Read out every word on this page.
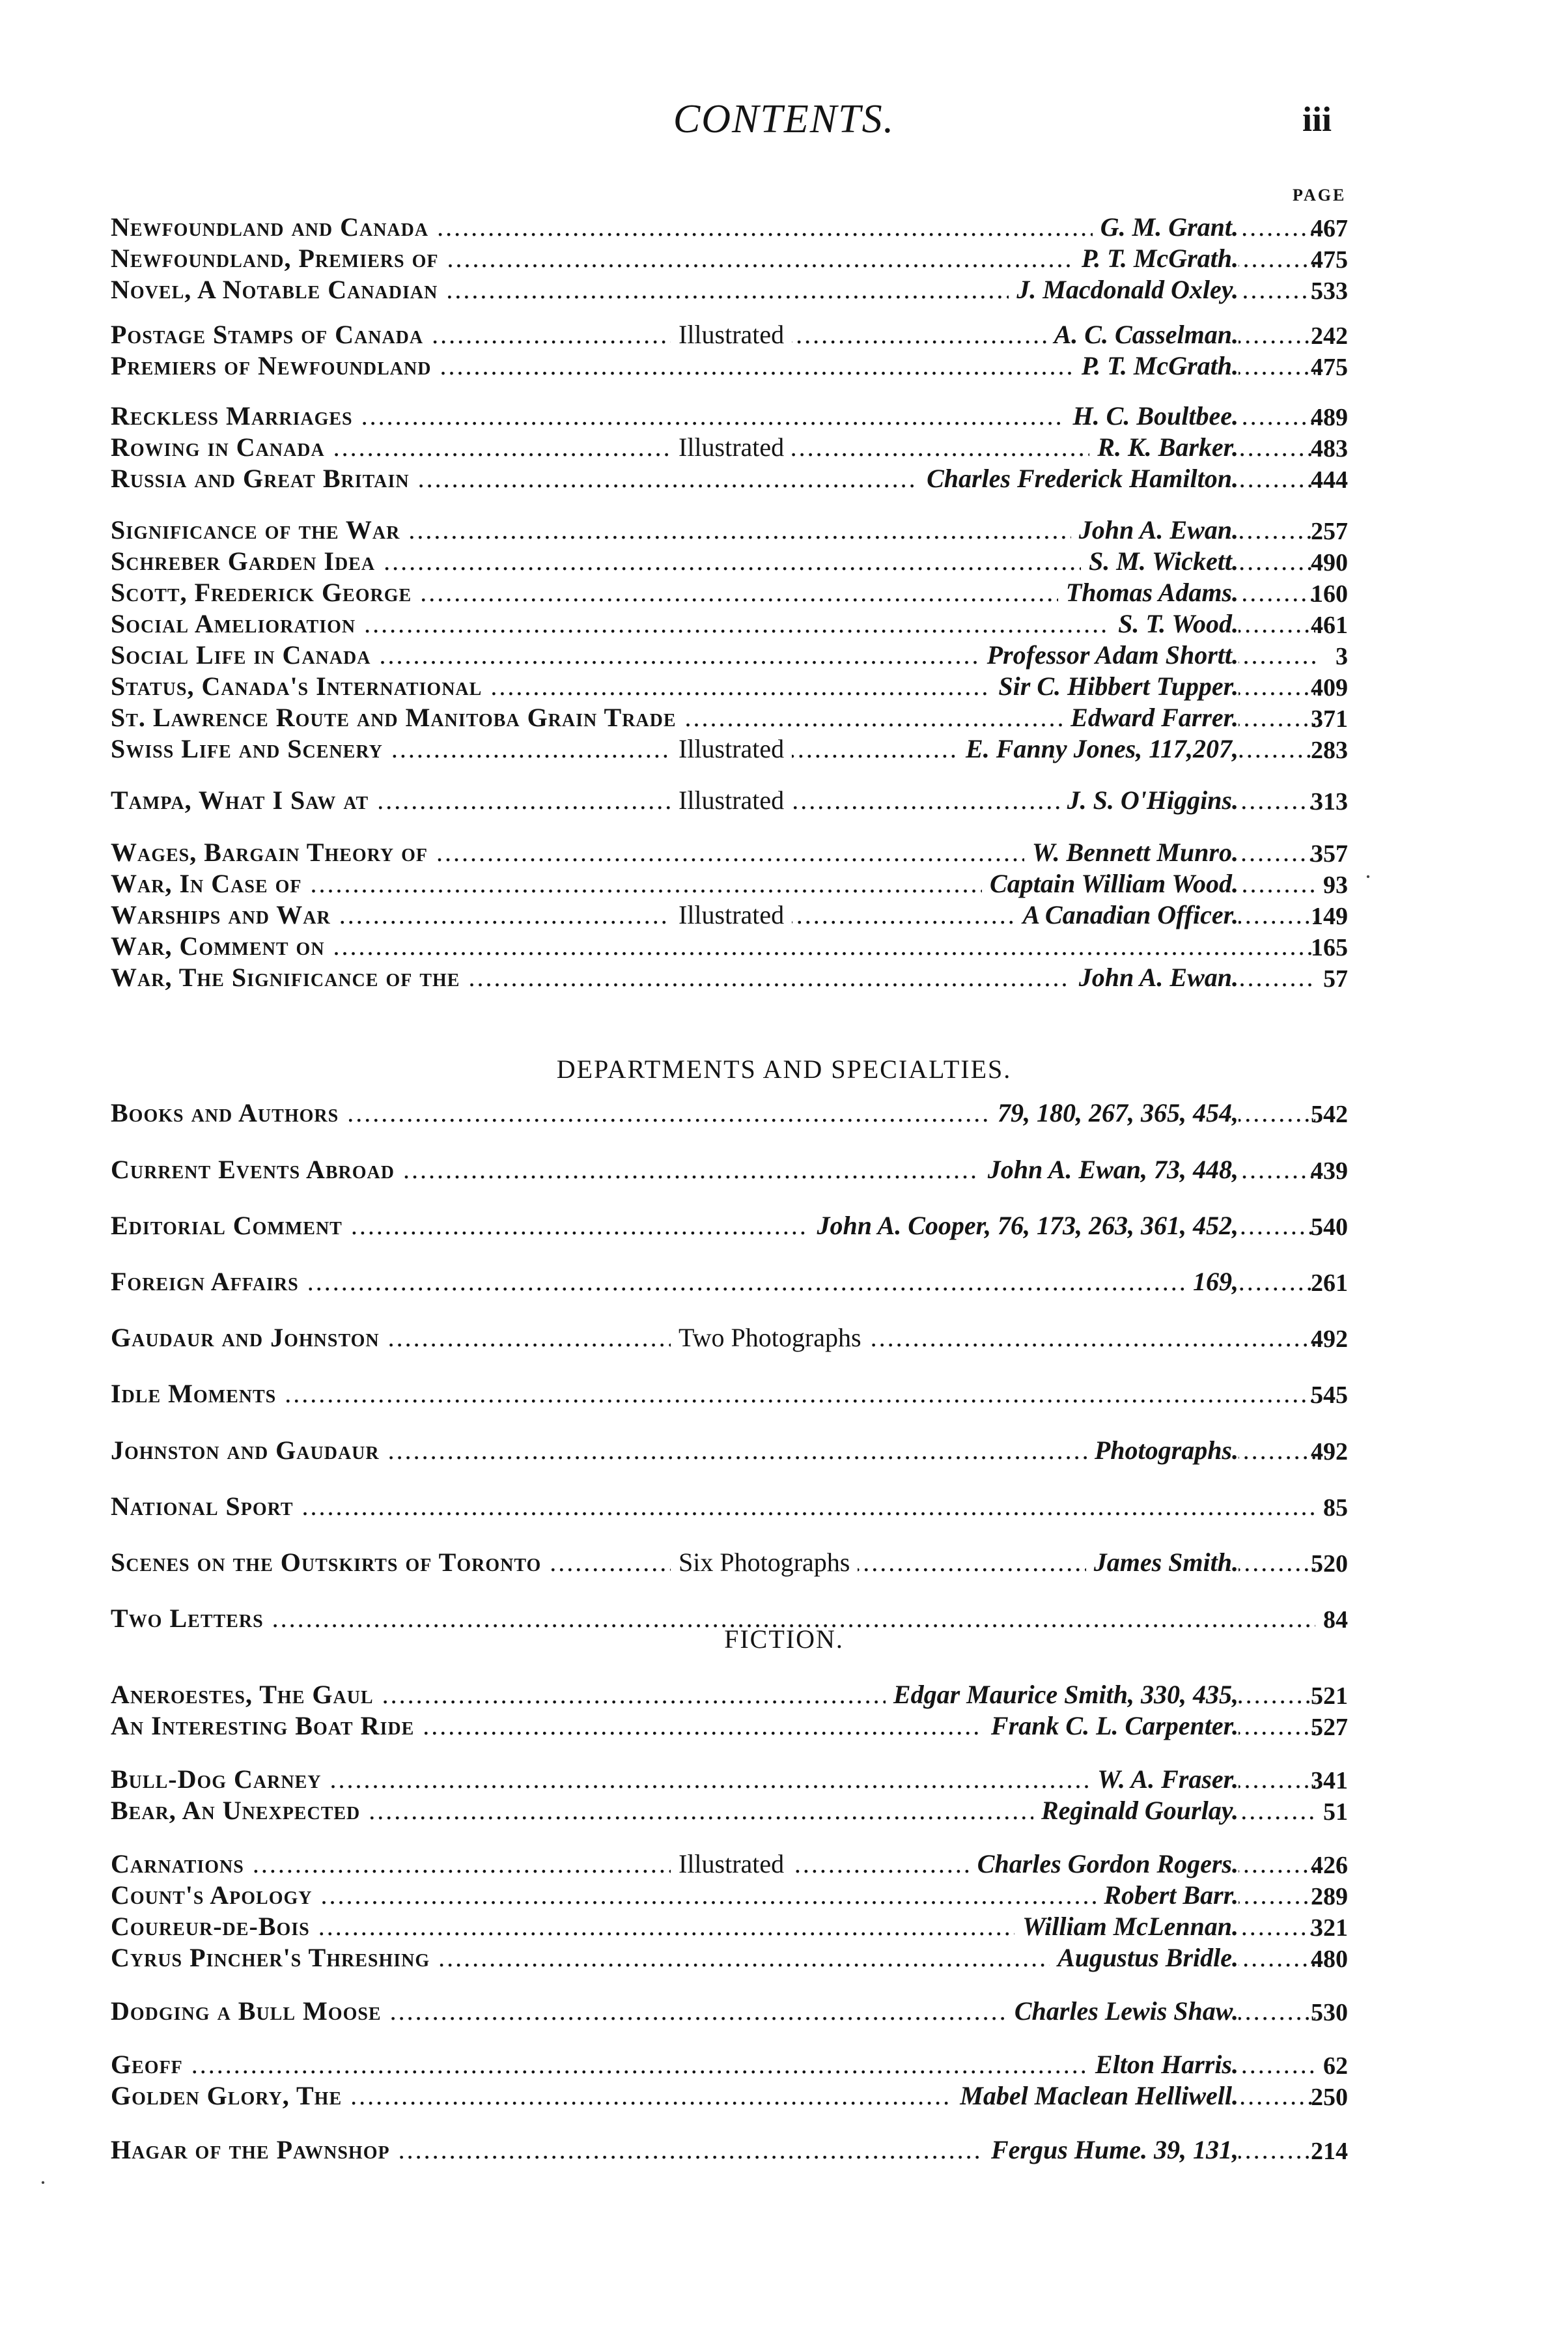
CONTENTS.	iii
PAGE
DEPARTMENTS AND SPECIALTIES.
FICTION.
·
·
Newfoundland and Canada .....	G. M. Grant.	467
Newfoundland, Premiers of .....	P. T. McGrath.	475
Novel, A Notable Canadian .....	J. Macdonald Oxley.	533
Postage Stamps of Canada .....	Illustrated	A. C. Casselman.	242
Premiers of Newfoundland .....	P. T. McGrath.	475
Reckless Marriages .....	H. C. Boultbee.	489
Rowing in Canada .....	Illustrated	R. K. Barker.	483
Russia and Great Britain .....	Charles Frederick Hamilton.	444
Significance of the War .....	John A. Ewan.	257
Schreber Garden Idea .....	S. M. Wickett.	490
Scott, Frederick George .....	Thomas Adams.	160
Social Amelioration .....	S. T. Wood.	461
Social Life in Canada .....	Professor Adam Shortt.	3
Status, Canada's International .....	Sir C. Hibbert Tupper.	409
St. Lawrence Route and Manitoba Grain Trade .....	Edward Farrer.	371
Swiss Life and Scenery .....	Illustrated	E. Fanny Jones, 117,207,	283
Tampa, What I Saw at .....	Illustrated	J. S. O'Higgins.	313
Wages, Bargain Theory of .....	W. Bennett Munro.	357
War, In Case of .....	Captain William Wood.	93
Warships and War .....	Illustrated	A Canadian Officer.	149
War, Comment on .....	165
War, The Significance of the .....	John A. Ewan.	57
Books and Authors .....	79, 180, 267, 365, 454,	542
Current Events Abroad .....	John A. Ewan, 73, 448,	439
Editorial Comment .....	John A. Cooper, 76, 173, 263, 361, 452,	540
Foreign Affairs .....	169,	261
Gaudaur and Johnston .....	Two Photographs	492
Idle Moments .....	545
Johnston and Gaudaur .....	Photographs.	492
National Sport .....	85
Scenes on the Outskirts of Toronto .....	Six Photographs	James Smith.	520
Two Letters .....	84
Aneroestes, The Gaul .....	Edgar Maurice Smith, 330, 435,	521
An Interesting Boat Ride .....	Frank C. L. Carpenter.	527
Bull-Dog Carney .....	W. A. Fraser.	341
Bear, An Unexpected .....	Reginald Gourlay.	51
Carnations .....	Illustrated	Charles Gordon Rogers.	426
Count's Apology .....	Robert Barr.	289
Coureur-de-Bois .....	William McLennan.	321
Cyrus Pincher's Threshing .....	Augustus Bridle.	480
Dodging a Bull Moose .....	Charles Lewis Shaw.	530
Geoff .....	Elton Harris.	62
Golden Glory, The .....	Mabel Maclean Helliwell.	250
Hagar of the Pawnshop .....	Fergus Hume. 39, 131,	214
